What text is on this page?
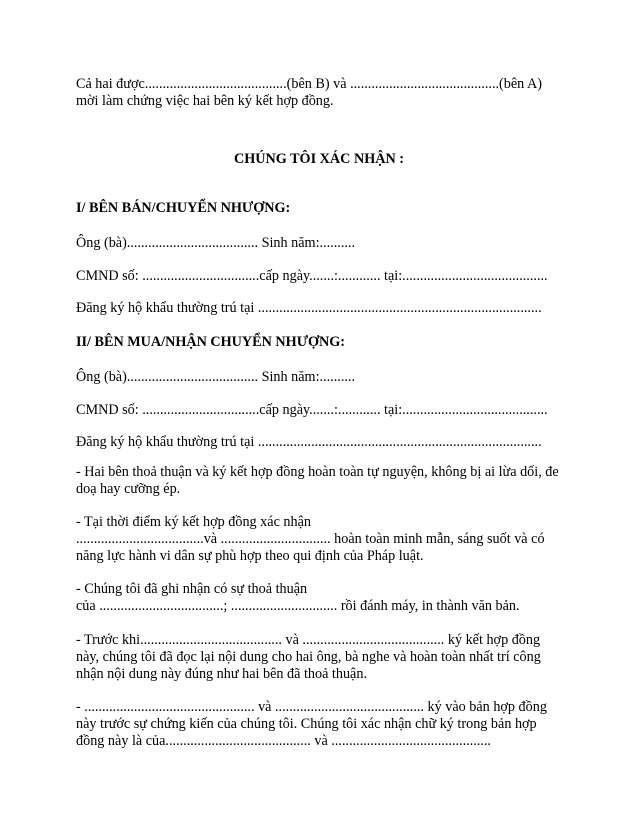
Cả hai được........................................(bên B) và ..........................................(bên A)

mời làm chứng việc hai bên ký kết hợp đồng.

CHÚNG TÔI XÁC NHẬN :

I/ BÊN BÁN/CHUYỂN NHƯỢNG:

Ông (bà)..................................... Sinh năm:..........

CMND số: .................................cấp ngày.......:............ tại:.........................................

Đăng ký hộ khẩu thường trú tại ................................................................................

II/ BÊN MUA/NHẬN CHUYỂN NHƯỢNG:

Ông (bà)..................................... Sinh năm:..........

CMND số: .................................cấp ngày.......:............ tại:.........................................

Đăng ký hộ khẩu thường trú tại ................................................................................

- Hai bên thoả thuận và ký kết hợp đồng hoàn toàn tự nguyện, không bị ai lừa dối, đe

doạ hay cưỡng ép.

- Tại thời điểm ký kết hợp đồng xác nhận

....................................và ............................... hoàn toàn minh mẫn, sáng suốt và có

năng lực hành vi dân sự phù hợp theo qui định của Pháp luật.

- Chúng tôi đã ghi nhận có sự thoả thuận

của ...................................; .............................. rồi đánh máy, in thành văn bản.

- Trước khi........................................ và ........................................ ký kết hợp đồng

này, chúng tôi đã đọc lại nội dung cho hai ông, bà nghe và hoàn toàn nhất trí công

nhận nội dung này đúng như hai bên đã thoả thuận.

- ................................................ và .......................................... ký vào bản hợp đồng

này trước sự chứng kiến của chúng tôi. Chúng tôi xác nhận chữ ký trong bản hợp

đồng này là của......................................... và .............................................
